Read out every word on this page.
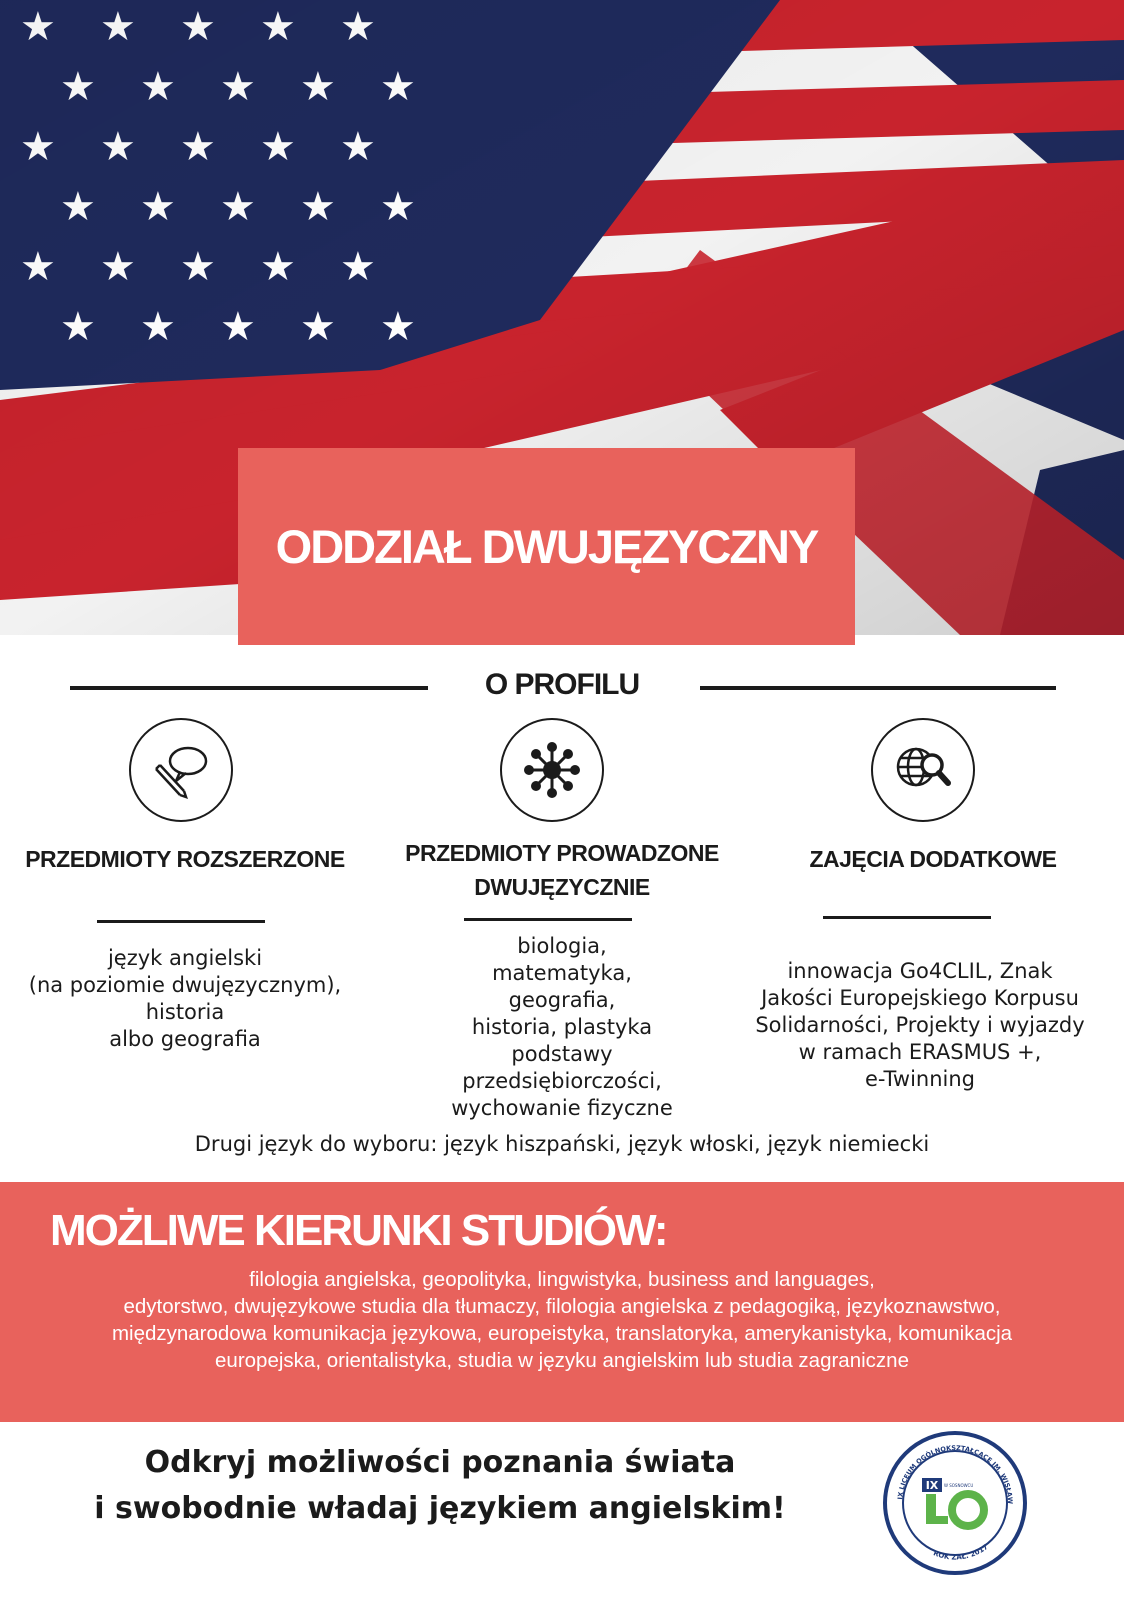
ODDZIAŁ DWUJĘZYCZNY
O PROFILU
PRZEDMIOTY ROZSZERZONE
język angielski
(na poziomie dwujęzycznym),
historia
albo geografia
PRZEDMIOTY PROWADZONE
DWUJĘZYCZNIE
biologia,
matematyka,
geografia,
historia, plastyka
podstawy
przedsiębiorczości,
wychowanie fizyczne
ZAJĘCIA DODATKOWE
innowacja Go4CLIL, Znak
Jakości Europejskiego Korpusu
Solidarności, Projekty i wyjazdy
w ramach ERASMUS +,
e-Twinning
Drugi język do wyboru: język hiszpański, język włoski, język niemiecki
MOŻLIWE KIERUNKI STUDIÓW:
filologia angielska, geopolityka, lingwistyka, business and languages,
edytorstwo, dwujęzykowe studia dla tłumaczy, filologia angielska z pedagogiką, językoznawstwo,
międzynarodowa komunikacja językowa, europeistyka, translatoryka, amerykanistyka, komunikacja
europejska, orientalistyka, studia w języku angielskim lub studia zagraniczne
Odkryj możliwości poznania świata
i swobodnie władaj językiem angielskim!	IX LICEUM OGÓLNOKSZTAŁCĄCE IM. WISŁAW
ROK ZAŁ. 2017
IX W SOSNOWCU
LO
